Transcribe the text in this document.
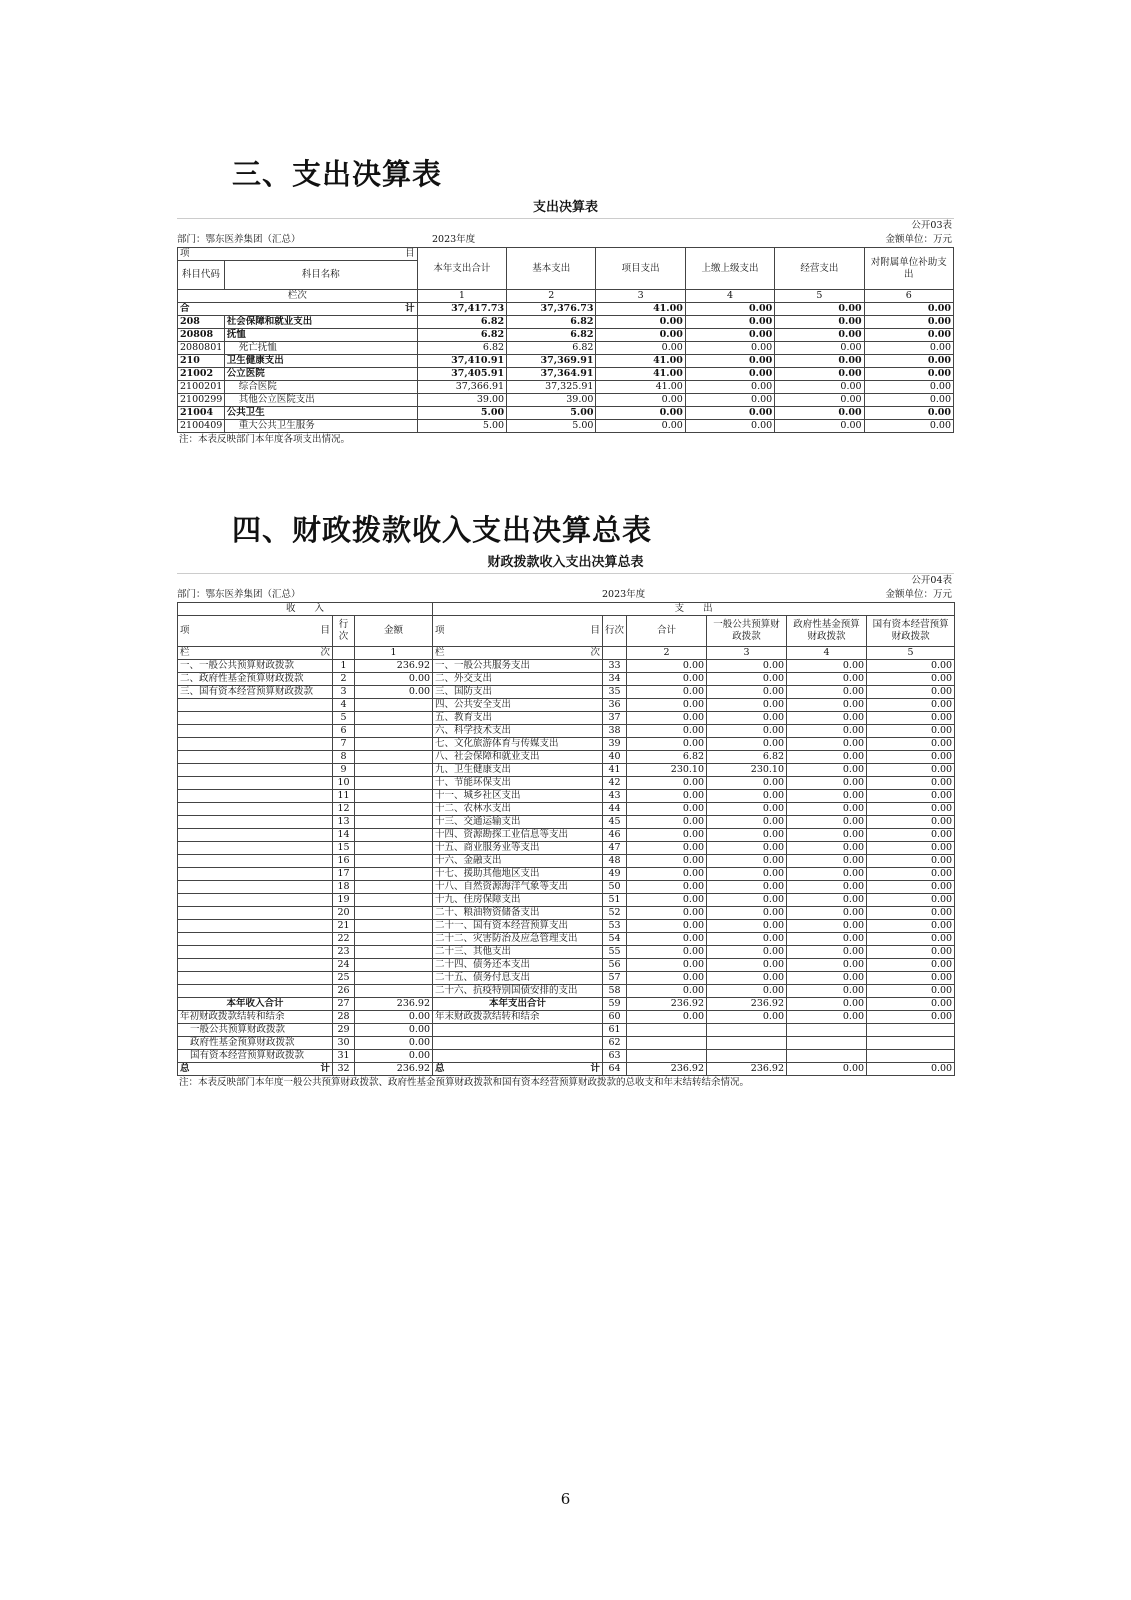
三、支出决算表
支出决算表
公开03表
部门：鄂东医养集团（汇总）	2023年度	金额单位：万元
项 目		本年支出合计	基本支出	项目支出	上缴上级支出	经营支出	对附属单位补助支出
科目代码	科目名称						
栏次		1	2	3	4	5	6

合 计		37,417.73	37,376.73	41.00	0.00	0.00	0.00
208	社会保障和就业支出	6.82	6.82	0.00	0.00	0.00	0.00
20808	抚恤	6.82	6.82	0.00	0.00	0.00	0.00
2080801	死亡抚恤	6.82	6.82	0.00	0.00	0.00	0.00
210	卫生健康支出	37,410.91	37,369.91	41.00	0.00	0.00	0.00
21002	公立医院	37,405.91	37,364.91	41.00	0.00	0.00	0.00
2100201	综合医院	37,366.91	37,325.91	41.00	0.00	0.00	0.00
2100299	其他公立医院支出	39.00	39.00	0.00	0.00	0.00	0.00
21004	公共卫生	5.00	5.00	0.00	0.00	0.00	0.00
2100409	重大公共卫生服务	5.00	5.00	0.00	0.00	0.00	0.00
注：本表反映部门本年度各项支出情况。
四、财政拨款收入支出决算总表
财政拨款收入支出决算总表
公开04表
部门：鄂东医养集团（汇总）	2023年度	金额单位：万元
收　　入			支　　出					

项 目	行次	金额	项 目	行次	合计	一般公共预算财政拨款	政府性基金预算财政拨款	国有资本经营预算财政拨款

栏 次		1	栏 次		2	3	4	5
一、一般公共预算财政拨款	1	236.92	一、一般公共服务支出	33	0.00	0.00	0.00	0.00
二、政府性基金预算财政拨款	2	0.00	二、外交支出	34	0.00	0.00	0.00	0.00
三、国有资本经营预算财政拨款	3	0.00	三、国防支出	35	0.00	0.00	0.00	0.00
	4		四、公共安全支出	36	0.00	0.00	0.00	0.00
	5		五、教育支出	37	0.00	0.00	0.00	0.00
	6		六、科学技术支出	38	0.00	0.00	0.00	0.00
	7		七、文化旅游体育与传媒支出	39	0.00	0.00	0.00	0.00
	8		八、社会保障和就业支出	40	6.82	6.82	0.00	0.00
	9		九、卫生健康支出	41	230.10	230.10	0.00	0.00
	10		十、节能环保支出	42	0.00	0.00	0.00	0.00
	11		十一、城乡社区支出	43	0.00	0.00	0.00	0.00
	12		十二、农林水支出	44	0.00	0.00	0.00	0.00
	13		十三、交通运输支出	45	0.00	0.00	0.00	0.00
	14		十四、资源勘探工业信息等支出	46	0.00	0.00	0.00	0.00
	15		十五、商业服务业等支出	47	0.00	0.00	0.00	0.00
	16		十六、金融支出	48	0.00	0.00	0.00	0.00
	17		十七、援助其他地区支出	49	0.00	0.00	0.00	0.00
	18		十八、自然资源海洋气象等支出	50	0.00	0.00	0.00	0.00
	19		十九、住房保障支出	51	0.00	0.00	0.00	0.00
	20		二十、粮油物资储备支出	52	0.00	0.00	0.00	0.00
	21		二十一、国有资本经营预算支出	53	0.00	0.00	0.00	0.00
	22		二十二、灾害防治及应急管理支出	54	0.00	0.00	0.00	0.00
	23		二十三、其他支出	55	0.00	0.00	0.00	0.00
	24		二十四、债务还本支出	56	0.00	0.00	0.00	0.00
	25		二十五、债务付息支出	57	0.00	0.00	0.00	0.00
	26		二十六、抗疫特别国债安排的支出	58	0.00	0.00	0.00	0.00
本年收入合计	27	236.92	本年支出合计	59	236.92	236.92	0.00	0.00
年初财政拨款结转和结余	28	0.00	年末财政拨款结转和结余	60	0.00	0.00	0.00	0.00
一般公共预算财政拨款	29	0.00		61				
政府性基金预算财政拨款	30	0.00		62				
国有资本经营预算财政拨款	31	0.00		63				

总 计	32	236.92	总 计	64	236.92	236.92	0.00	0.00
注：本表反映部门本年度一般公共预算财政拨款、政府性基金预算财政拨款和国有资本经营预算财政拨款的总收支和年末结转结余情况。
6
